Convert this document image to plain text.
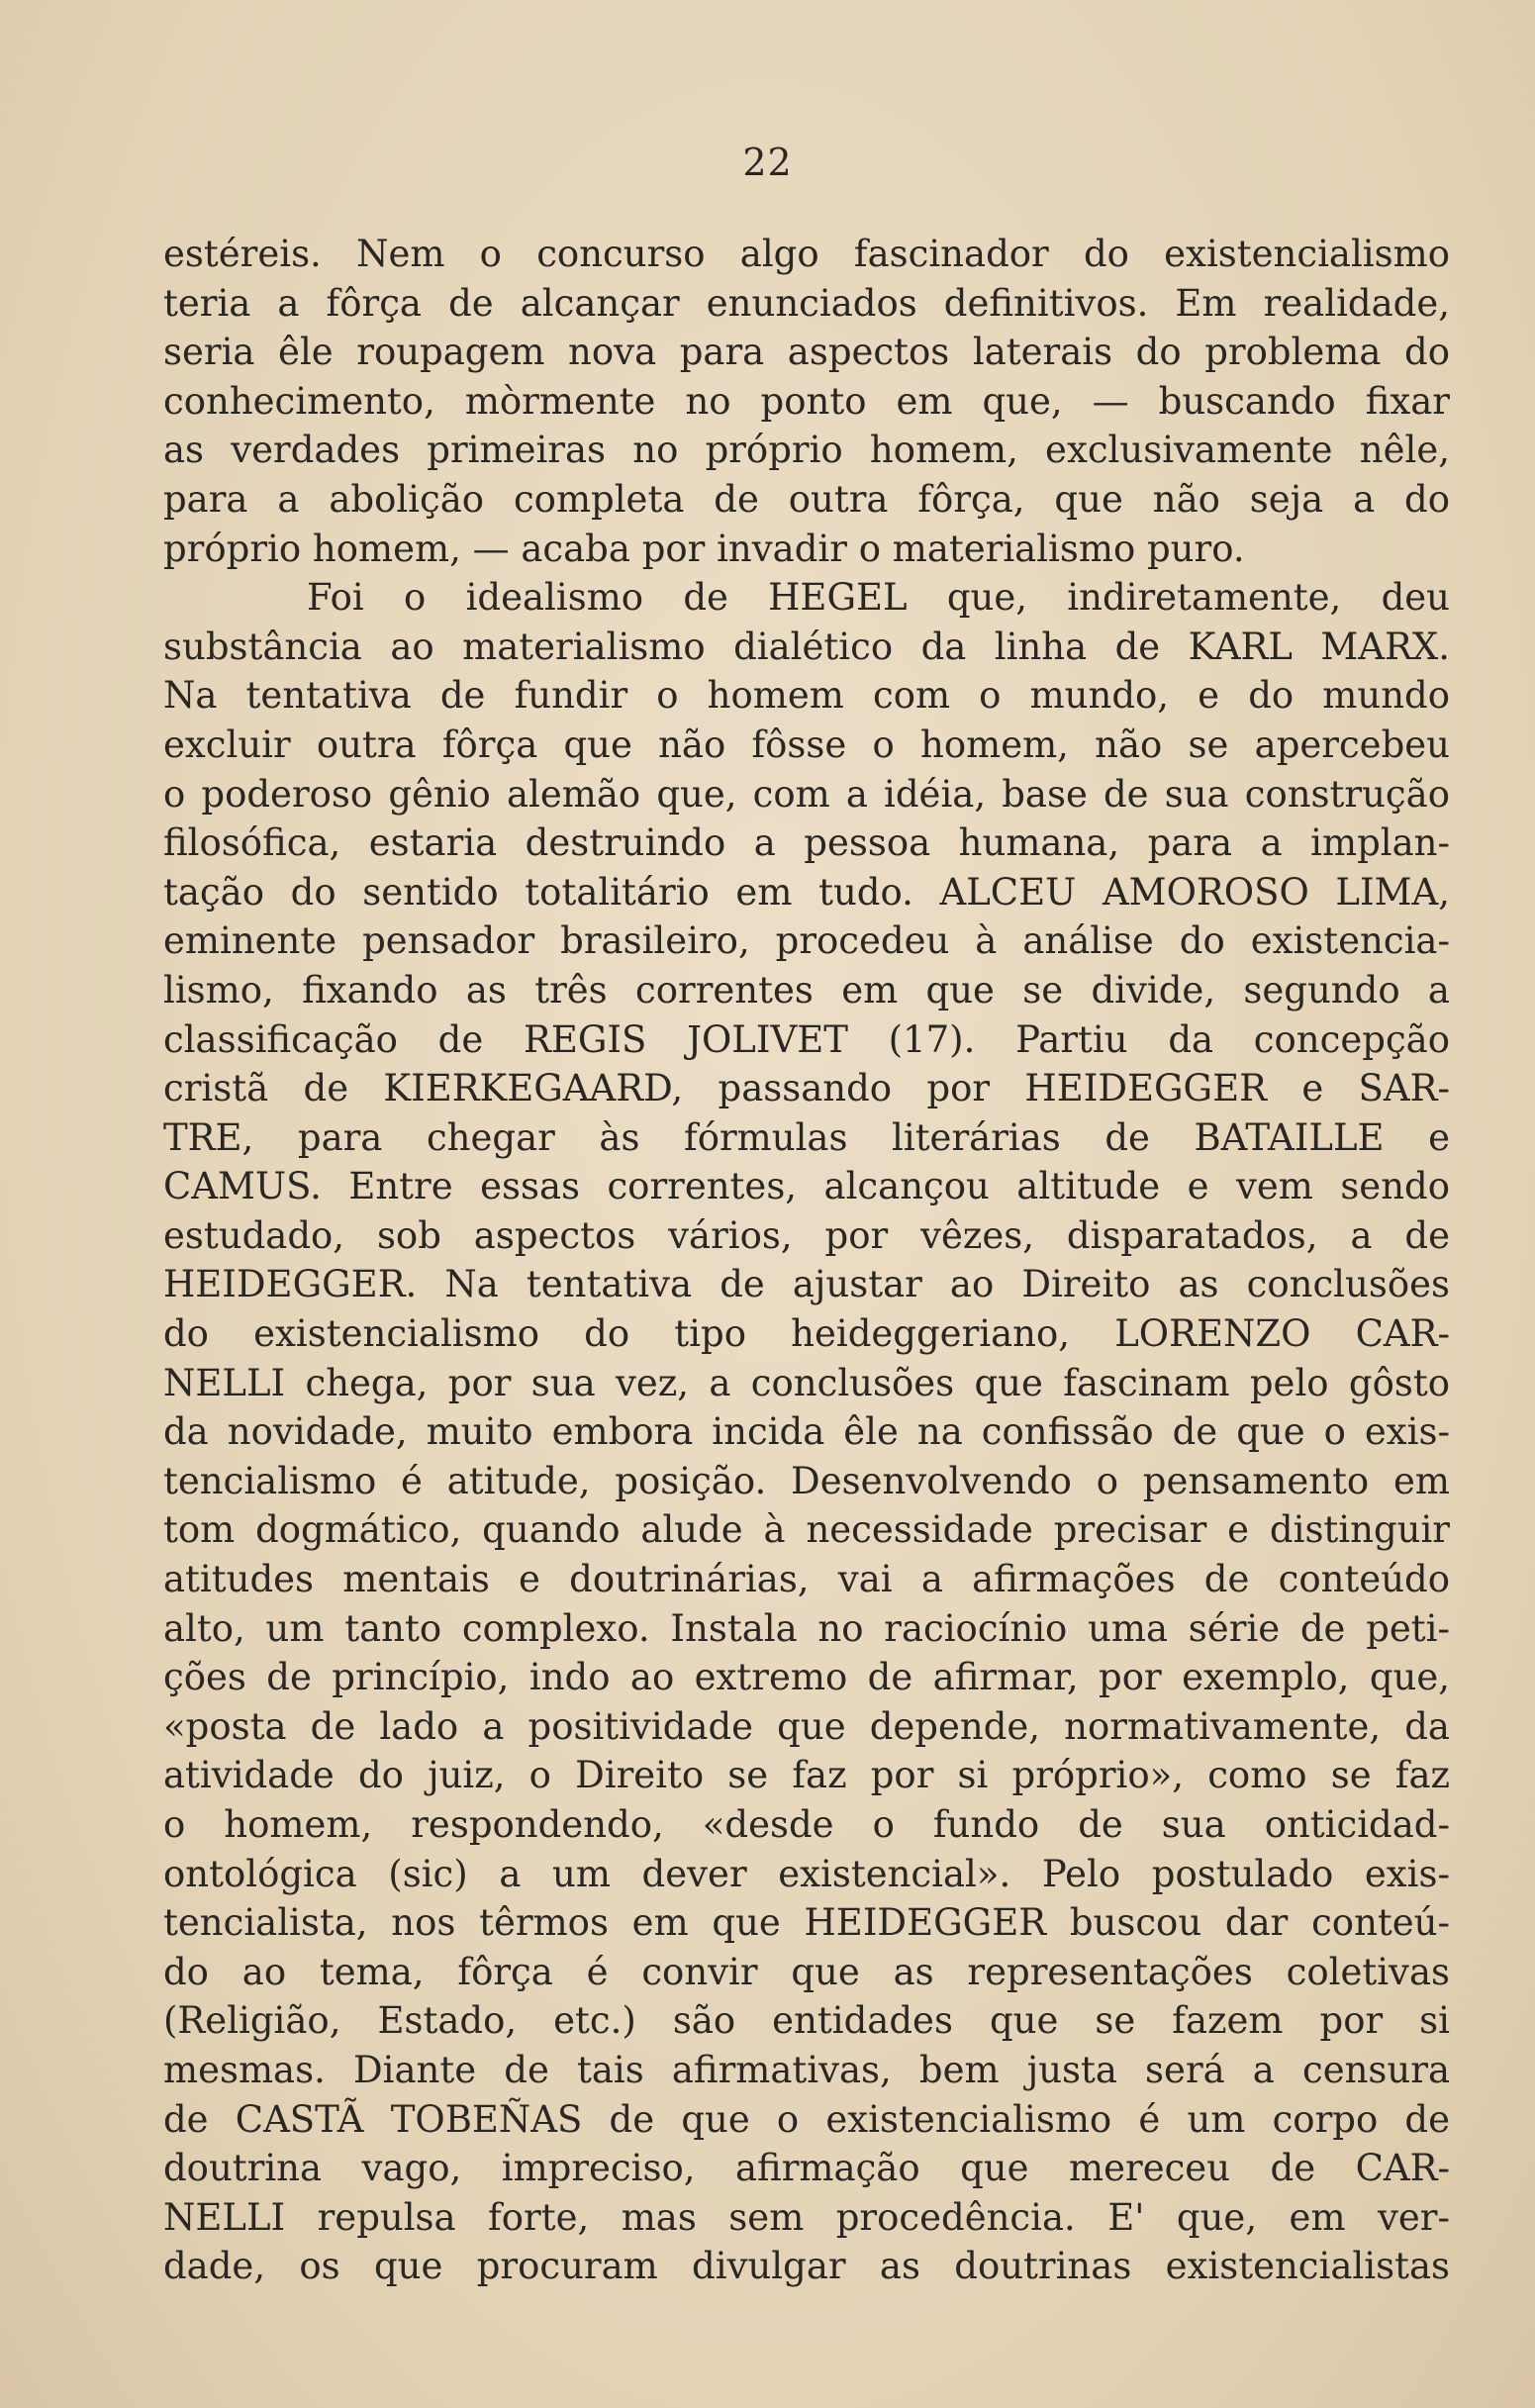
22
estéreis. Nem o concurso algo fascinador do existencialismo
teria a fôrça de alcançar enunciados definitivos. Em realidade,
seria êle roupagem nova para aspectos laterais do problema do
conhecimento, mòrmente no ponto em que, — buscando fixar
as verdades primeiras no próprio homem, exclusivamente nêle,
para a abolição completa de outra fôrça, que não seja a do
próprio homem, — acaba por invadir o materialismo puro.
Foi o idealismo de HEGEL que, indiretamente, deu
substância ao materialismo dialético da linha de KARL MARX.
Na tentativa de fundir o homem com o mundo, e do mundo
excluir outra fôrça que não fôsse o homem, não se apercebeu
o poderoso gênio alemão que, com a idéia, base de sua construção
filosófica, estaria destruindo a pessoa humana, para a implan-
tação do sentido totalitário em tudo. ALCEU AMOROSO LIMA,
eminente pensador brasileiro, procedeu à análise do existencia-
lismo, fixando as três correntes em que se divide, segundo a
classificação de REGIS JOLIVET (17). Partiu da concepção
cristã de KIERKEGAARD, passando por HEIDEGGER e SAR-
TRE, para chegar às fórmulas literárias de BATAILLE e
CAMUS. Entre essas correntes, alcançou altitude e vem sendo
estudado, sob aspectos vários, por vêzes, disparatados, a de
HEIDEGGER. Na tentativa de ajustar ao Direito as conclusões
do existencialismo do tipo heideggeriano, LORENZO CAR-
NELLI chega, por sua vez, a conclusões que fascinam pelo gôsto
da novidade, muito embora incida êle na confissão de que o exis-
tencialismo é atitude, posição. Desenvolvendo o pensamento em
tom dogmático, quando alude à necessidade precisar e distinguir
atitudes mentais e doutrinárias, vai a afirmações de conteúdo
alto, um tanto complexo. Instala no raciocínio uma série de peti-
ções de princípio, indo ao extremo de afirmar, por exemplo, que,
«posta de lado a positividade que depende, normativamente, da
atividade do juiz, o Direito se faz por si próprio», como se faz
o homem, respondendo, «desde o fundo de sua onticidad-
ontológica (sic) a um dever existencial». Pelo postulado exis-
tencialista, nos têrmos em que HEIDEGGER buscou dar conteú-
do ao tema, fôrça é convir que as representações coletivas
(Religião, Estado, etc.) são entidades que se fazem por si
mesmas. Diante de tais afirmativas, bem justa será a censura
de CASTÃ TOBEÑAS de que o existencialismo é um corpo de
doutrina vago, impreciso, afirmação que mereceu de CAR-
NELLI repulsa forte, mas sem procedência. E' que, em ver-
dade, os que procuram divulgar as doutrinas existencialistas
